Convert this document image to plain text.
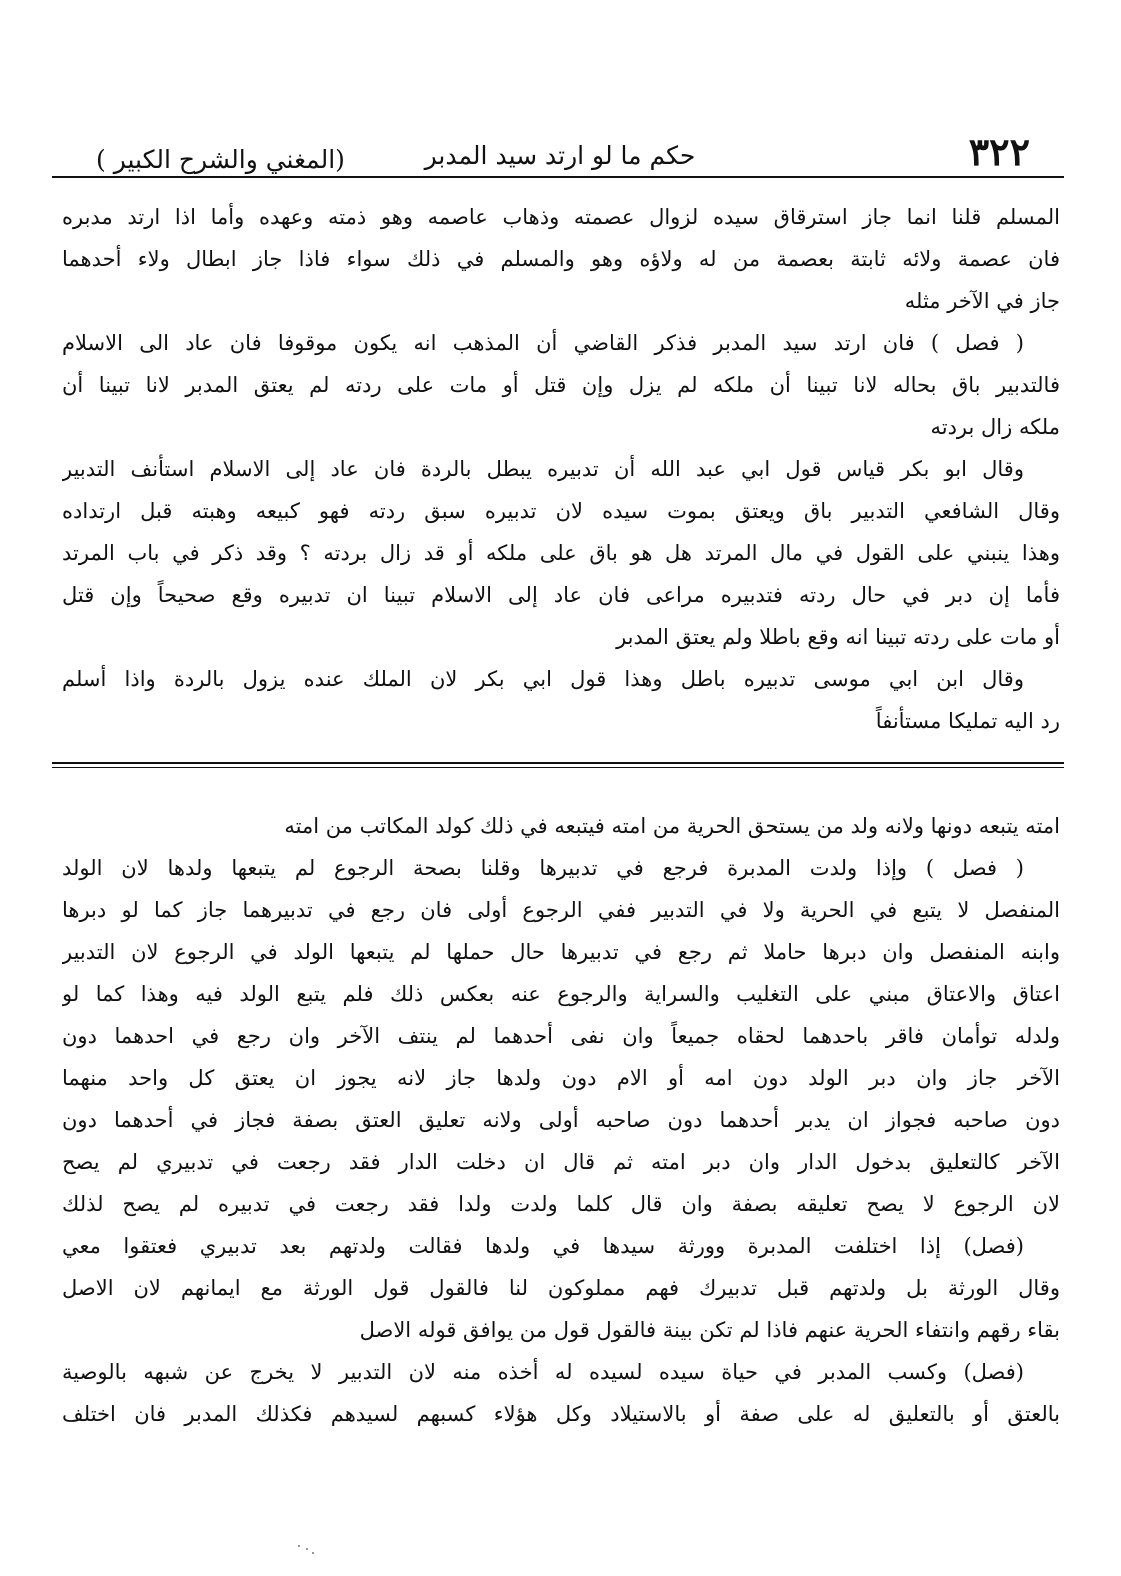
٣٢٢
حكم ما لو ارتد سيد المدبر
(المغني والشرح الكبير )
المسلم قلنا انما جاز استرقاق سيده لزوال عصمته وذهاب عاصمه وهو ذمته وعهده وأما اذا ارتد مدبره
فان عصمة ولائه ثابتة بعصمة من له ولاؤه وهو والمسلم في ذلك سواء فاذا جاز ابطال ولاء أحدهما
جاز في الآخر مثله
( فصل ) فان ارتد سيد المدبر فذكر القاضي أن المذهب انه يكون موقوفا فان عاد الى الاسلام
فالتدبير باق بحاله لانا تبينا أن ملكه لم يزل وإن قتل أو مات على ردته لم يعتق المدبر لانا تبينا أن
ملكه زال بردته
وقال ابو بكر قياس قول ابي عبد الله أن تدبيره يبطل بالردة فان عاد إلى الاسلام استأنف التدبير
وقال الشافعي التدبير باق ويعتق بموت سيده لان تدبيره سبق ردته فهو كبيعه وهبته قبل ارتداده
وهذا ينبني على القول في مال المرتد هل هو باق على ملكه أو قد زال بردته ؟ وقد ذكر في باب المرتد
فأما إن دبر في حال ردته فتدبيره مراعى فان عاد إلى الاسلام تبينا ان تدبيره وقع صحيحاً وإن قتل
أو مات على ردته تبينا انه وقع باطلا ولم يعتق المدبر
وقال ابن ابي موسى تدبيره باطل وهذا قول ابي بكر لان الملك عنده يزول بالردة واذا أسلم
رد اليه تمليكا مستأنفاً
امته يتبعه دونها ولانه ولد من يستحق الحرية من امته فيتبعه في ذلك كولد المكاتب من امته
( فصل ) وإذا ولدت المدبرة فرجع في تدبيرها وقلنا بصحة الرجوع لم يتبعها ولدها لان الولد
المنفصل لا يتبع في الحرية ولا في التدبير ففي الرجوع أولى فان رجع في تدبيرهما جاز كما لو دبرها
وابنه المنفصل وان دبرها حاملا ثم رجع في تدبيرها حال حملها لم يتبعها الولد في الرجوع لان التدبير
اعتاق والاعتاق مبني على التغليب والسراية والرجوع عنه بعكس ذلك فلم يتبع الولد فيه وهذا كما لو
ولدله توأمان فاقر باحدهما لحقاه جميعاً وان نفى أحدهما لم ينتف الآخر وان رجع في احدهما دون
الآخر جاز وان دبر الولد دون امه أو الام دون ولدها جاز لانه يجوز ان يعتق كل واحد منهما
دون صاحبه فجواز ان يدبر أحدهما دون صاحبه أولى ولانه تعليق العتق بصفة فجاز في أحدهما دون
الآخر كالتعليق بدخول الدار وان دبر امته ثم قال ان دخلت الدار فقد رجعت في تدبيري لم يصح
لان الرجوع لا يصح تعليقه بصفة وان قال كلما ولدت ولدا فقد رجعت في تدبيره لم يصح لذلك
(فصل) إذا اختلفت المدبرة وورثة سيدها في ولدها فقالت ولدتهم بعد تدبيري فعتقوا معي
وقال الورثة بل ولدتهم قبل تدبيرك فهم مملوكون لنا فالقول قول الورثة مع ايمانهم لان الاصل
بقاء رقهم وانتفاء الحرية عنهم فاذا لم تكن بينة فالقول قول من يوافق قوله الاصل
(فصل) وكسب المدبر في حياة سيده لسيده له أخذه منه لان التدبير لا يخرج عن شبهه بالوصية
بالعتق أو بالتعليق له على صفة أو بالاستيلاد وكل هؤلاء كسبهم لسيدهم فكذلك المدبر فان اختلف
